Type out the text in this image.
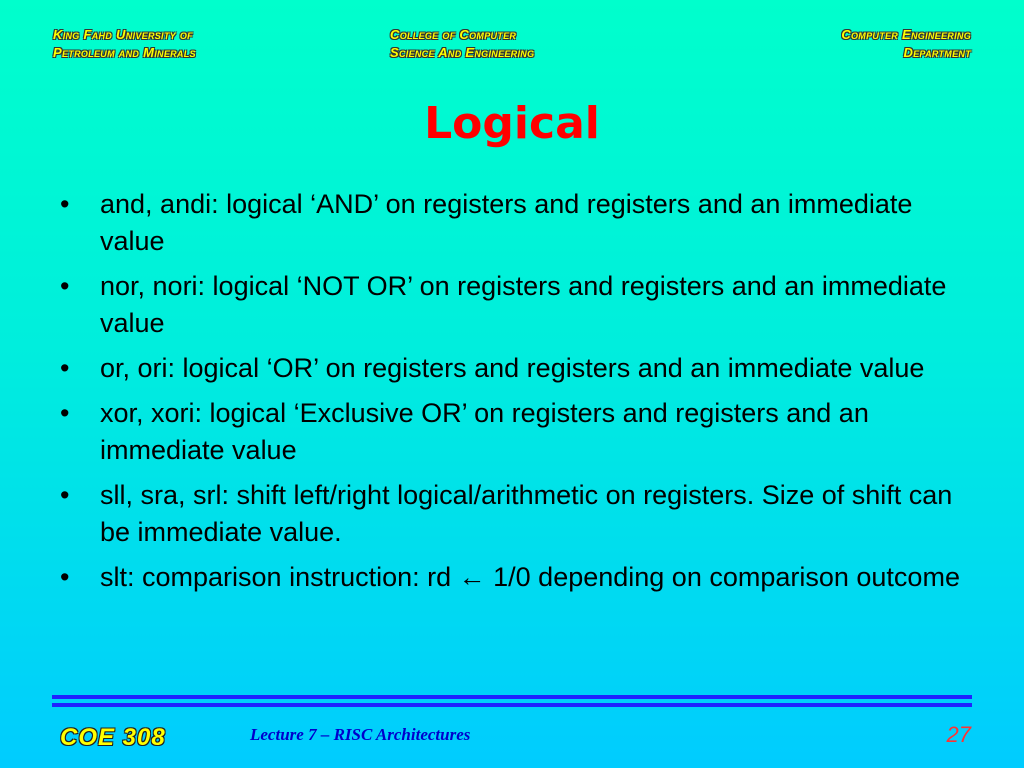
King Fahd University of
Petroleum and Minerals
College of Computer
Science And Engineering
Computer Engineering
Department
Logical
• and, andi: logical ‘AND’ on registers and registers and an immediate value
• nor, nori: logical ‘NOT OR’ on registers and registers and an immediate value
• or, ori: logical ‘OR’ on registers and registers and an immediate value
• xor, xori: logical ‘Exclusive OR’ on registers and registers and an immediate value
• sll, sra, srl: shift left/right logical/arithmetic on registers. Size of shift can be immediate value.
• slt: comparison instruction: rd ← 1/0 depending on comparison outcome
COE 308	Lecture 7 – RISC Architectures	27
